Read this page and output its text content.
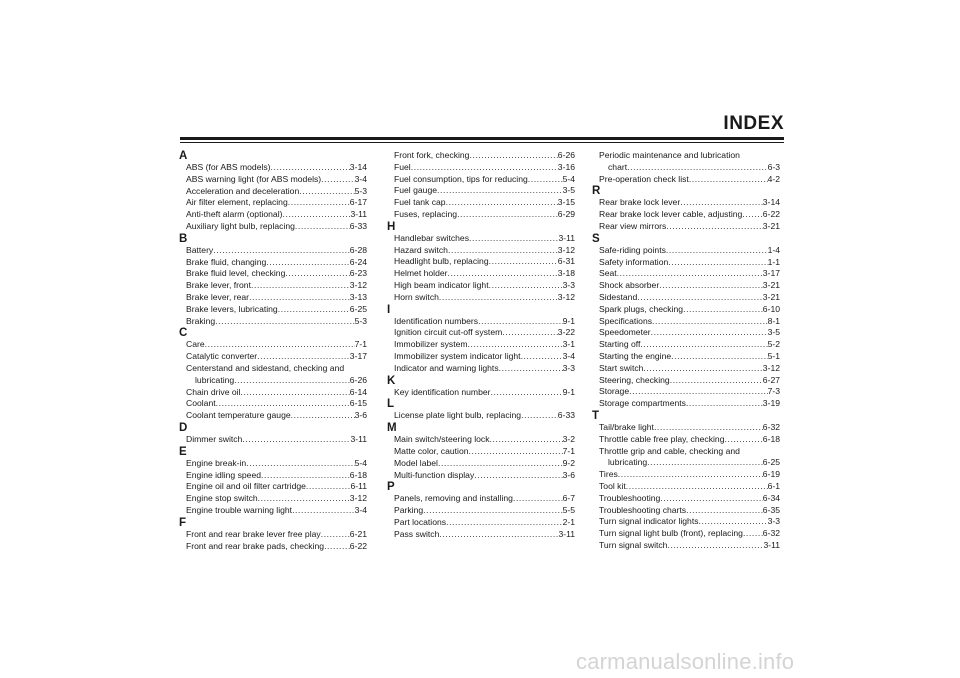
INDEX
A
ABS (for ABS models) .....	3-14
ABS warning light (for ABS models) .....	3-4
Acceleration and deceleration .....	5-3
Air filter element, replacing .....	6-17
Anti-theft alarm (optional) .....	3-11
Auxiliary light bulb, replacing .....	6-33
B
Battery .....	6-28
Brake fluid, changing .....	6-24
Brake fluid level, checking .....	6-23
Brake lever, front .....	3-12
Brake lever, rear .....	3-13
Brake levers, lubricating .....	6-25
Braking .....	5-3
C
Care .....	7-1
Catalytic converter .....	3-17
Centerstand and sidestand, checking and
lubricating .....	6-26
Chain drive oil .....	6-14
Coolant .....	6-15
Coolant temperature gauge .....	3-6
D
Dimmer switch .....	3-11
E
Engine break-in .....	5-4
Engine idling speed .....	6-18
Engine oil and oil filter cartridge .....	6-11
Engine stop switch .....	3-12
Engine trouble warning light .....	3-4
F
Front and rear brake lever free play .....	6-21
Front and rear brake pads, checking .....	6-22
Front fork, checking .....	6-26
Fuel .....	3-16
Fuel consumption, tips for reducing .....	5-4
Fuel gauge .....	3-5
Fuel tank cap .....	3-15
Fuses, replacing .....	6-29
H
Handlebar switches .....	3-11
Hazard switch .....	3-12
Headlight bulb, replacing .....	6-31
Helmet holder .....	3-18
High beam indicator light .....	3-3
Horn switch .....	3-12
I
Identification numbers .....	9-1
Ignition circuit cut-off system .....	3-22
Immobilizer system .....	3-1
Immobilizer system indicator light .....	3-4
Indicator and warning lights .....	3-3
K
Key identification number .....	9-1
L
License plate light bulb, replacing .....	6-33
M
Main switch/steering lock .....	3-2
Matte color, caution .....	7-1
Model label .....	9-2
Multi-function display .....	3-6
P
Panels, removing and installing .....	6-7
Parking .....	5-5
Part locations .....	2-1
Pass switch .....	3-11
Periodic maintenance and lubrication
chart .....	6-3
Pre-operation check list .....	4-2
R
Rear brake lock lever .....	3-14
Rear brake lock lever cable, adjusting ..... 6-22
Rear view mirrors .....	3-21
S
Safe-riding points .....	1-4
Safety information .....	1-1
Seat .....	3-17
Shock absorber .....	3-21
Sidestand .....	3-21
Spark plugs, checking .....	6-10
Specifications .....	8-1
Speedometer .....	3-5
Starting off .....	5-2
Starting the engine .....	5-1
Start switch .....	3-12
Steering, checking .....	6-27
Storage .....	7-3
Storage compartments .....	3-19
T
Tail/brake light .....	6-32
Throttle cable free play, checking .....	6-18
Throttle grip and cable, checking and
lubricating .....	6-25
Tires .....	6-19
Tool kit .....	6-1
Troubleshooting .....	6-34
Troubleshooting charts .....	6-35
Turn signal indicator lights .....	3-3
Turn signal light bulb (front), replacing ..... 6-32
Turn signal switch .....	3-11
carmanualsonline.info
